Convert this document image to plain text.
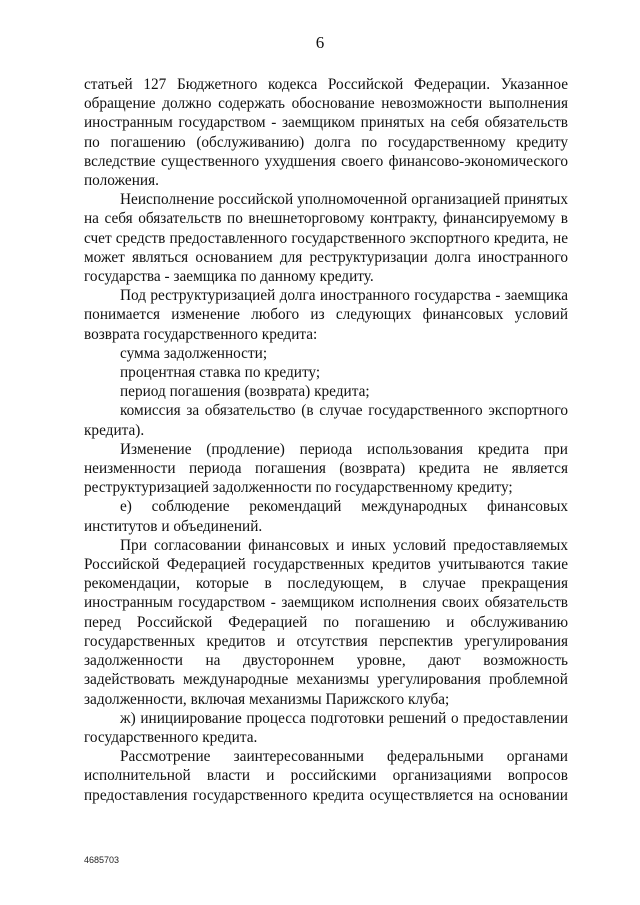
6

статьей 127 Бюджетного кодекса Российской Федерации. Указанное обращение должно содержать обоснование невозможности выполнения иностранным государством - заемщиком принятых на себя обязательств по погашению (обслуживанию) долга по государственному кредиту вследствие существенного ухудшения своего финансово-экономического положения.

Неисполнение российской уполномоченной организацией принятых на себя обязательств по внешнеторговому контракту, финансируемому в счет средств предоставленного государственного экспортного кредита, не может являться основанием для реструктуризации долга иностранного государства - заемщика по данному кредиту.

Под реструктуризацией долга иностранного государства - заемщика понимается изменение любого из следующих финансовых условий возврата государственного кредита:

сумма задолженности;

процентная ставка по кредиту;

период погашения (возврата) кредита;

комиссия за обязательство (в случае государственного экспортного кредита).

Изменение (продление) периода использования кредита при неизменности периода погашения (возврата) кредита не является реструктуризацией задолженности по государственному кредиту;

е) соблюдение рекомендаций международных финансовых институтов и объединений.

При согласовании финансовых и иных условий предоставляемых Российской Федерацией государственных кредитов учитываются такие рекомендации, которые в последующем, в случае прекращения иностранным государством - заемщиком исполнения своих обязательств перед Российской Федерацией по погашению и обслуживанию государственных кредитов и отсутствия перспектив урегулирования задолженности на двустороннем уровне, дают возможность задействовать международные механизмы урегулирования проблемной задолженности, включая механизмы Парижского клуба;

ж) инициирование процесса подготовки решений о предоставлении государственного кредита.

Рассмотрение заинтересованными федеральными органами исполнительной власти и российскими организациями вопросов предоставления государственного кредита осуществляется на основании

4685703
